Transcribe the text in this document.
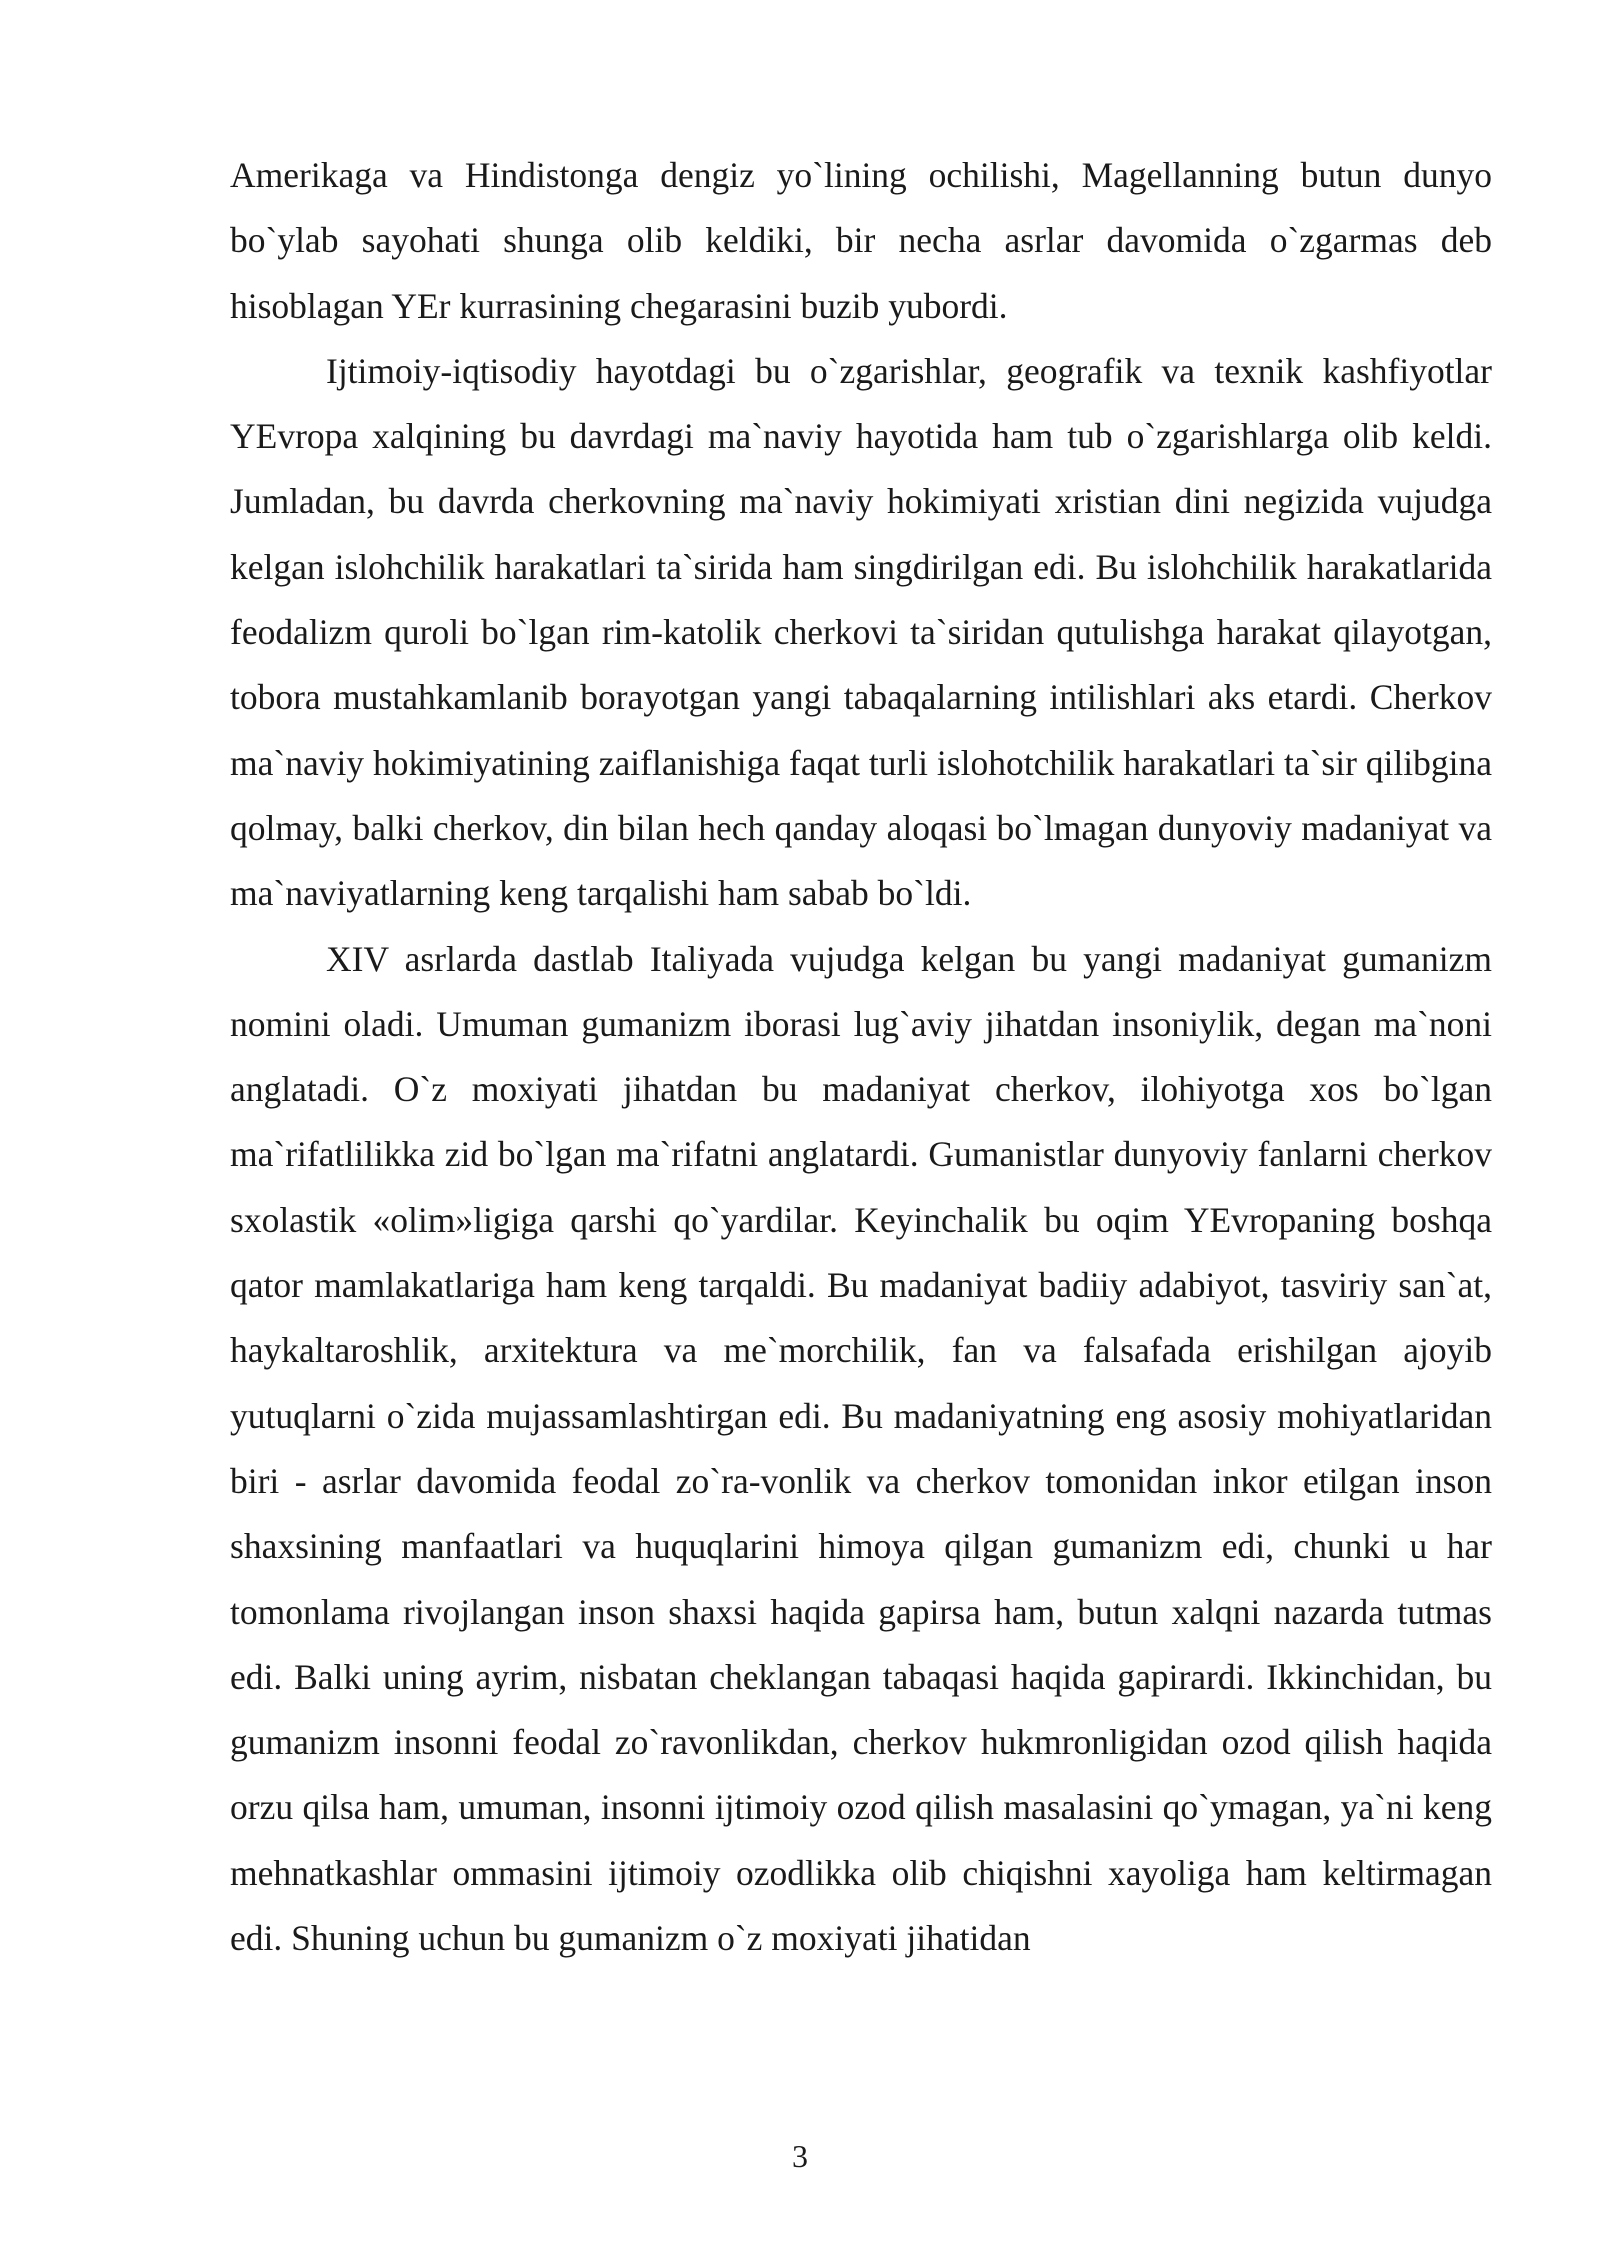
Amerikaga va Hindistonga dengiz yo`lining ochilishi, Magellanning butun dunyo bo`ylab sayohati shunga olib keldiki, bir necha asrlar davomida o`zgarmas deb hisoblagan YEr kurrasining chegarasini buzib yubordi.

Ijtimoiy-iqtisodiy hayotdagi bu o`zgarishlar, geografik va texnik kashfiyotlar YEvropa xalqining bu davrdagi ma`naviy hayotida ham tub o`zgarishlarga olib keldi. Jumladan, bu davrda cherkovning ma`naviy hokimiyati xristian dini negizida vujudga kelgan islohchilik harakatlari ta`sirida ham singdirilgan edi. Bu islohchilik harakatlarida feodalizm quroli bo`lgan rim-katolik cherkovi ta`siridan qutulishga harakat qilayotgan, tobora mustahkamlanib borayotgan yangi tabaqalarning intilishlari aks etardi. Cherkov ma`naviy hokimiyatining zaiflanishiga faqat turli islohotchilik harakatlari ta`sir qilibgina qolmay, balki cherkov, din bilan hech qanday aloqasi bo`lmagan dunyoviy madaniyat va ma`naviyatlarning keng tarqalishi ham sabab bo`ldi.

XIV asrlarda dastlab Italiyada vujudga kelgan bu yangi madaniyat gumanizm nomini oladi. Umuman gumanizm iborasi lug`aviy jihatdan insoniylik, degan ma`noni anglatadi. O`z moxiyati jihatdan bu madaniyat cherkov, ilohiyotga xos bo`lgan ma`rifatlilikka zid bo`lgan ma`rifatni anglatardi. Gumanistlar dunyoviy fanlarni cherkov sxolastik «olim»ligiga qarshi qo`yardilar. Keyinchalik bu oqim YEvropaning boshqa qator mamlakatlariga ham keng tarqaldi. Bu madaniyat badiiy adabiyot, tasviriy san`at, haykaltaroshlik, arxitektura va me`morchilik, fan va falsafada erishilgan ajoyib yutuqlarni o`zida mujassamlashtirgan edi. Bu madaniyatning eng asosiy mohiyatlaridan biri - asrlar davomida feodal zo`ra-vonlik va cherkov tomonidan inkor etilgan inson shaxsining manfaatlari va huquqlarini himoya qilgan gumanizm edi, chunki u har tomonlama rivojlangan inson shaxsi haqida gapirsa ham, butun xalqni nazarda tutmas edi. Balki uning ayrim, nisbatan cheklangan tabaqasi haqida gapirardi. Ikkinchidan, bu gumanizm insonni feodal zo`ravonlikdan, cherkov hukmronligidan ozod qilish haqida orzu qilsa ham, umuman, insonni ijtimoiy ozod qilish masalasini qo`ymagan, ya`ni keng mehnatkashlar ommasini ijtimoiy ozodlikka olib chiqishni xayoliga ham keltirmagan edi. Shuning uchun bu gumanizm o`z moxiyati jihatidan

3
